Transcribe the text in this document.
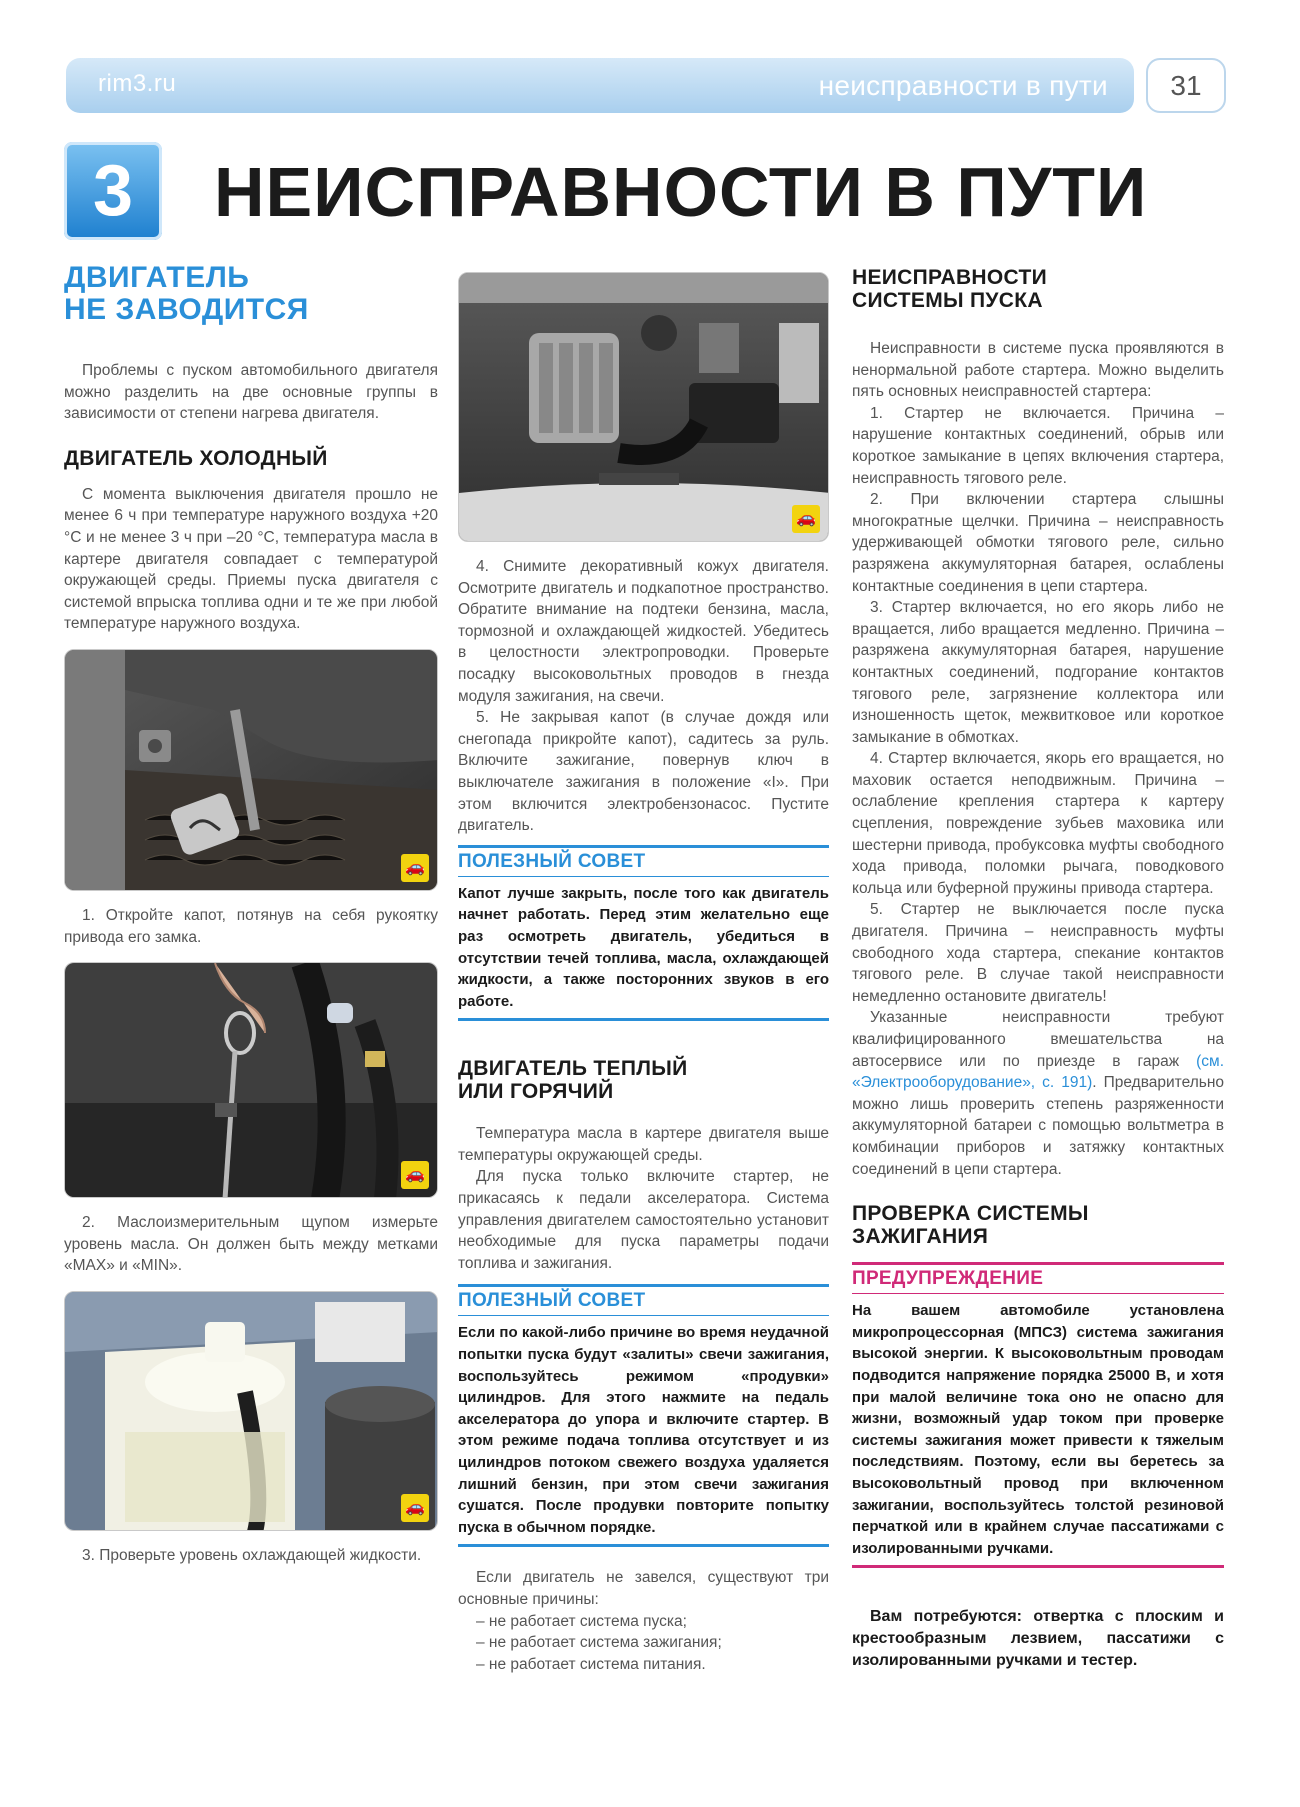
rim3.ru	неисправности в пути	31
3	НЕИСПРАВНОСТИ В ПУТИ
ДВИГАТЕЛЬ
НЕ ЗАВОДИТСЯ

Проблемы с пуском автомобильного двигателя можно разделить на две основные группы в зависимости от степени нагрева двигателя.

ДВИГАТЕЛЬ ХОЛОДНЫЙ

С момента выключения двигателя прошло не менее 6 ч при температуре наружного воздуха +20 °С и не менее 3 ч при –20 °С, температура масла в картере двигателя совпадает с температурой окружающей среды. Приемы пуска двигателя с системой впрыска топлива одни и те же при любой температуре наружного воздуха.

🚗

1. Откройте капот, потянув на себя рукоятку привода его замка.

🚗

2. Маслоизмерительным щупом измерьте уровень масла. Он должен быть между метками «MAX» и «MIN».

🚗

3. Проверьте уровень охлаждающей жидкости.

🚗

4. Снимите декоративный кожух двигателя. Осмотрите двигатель и подкапотное пространство. Обратите внимание на подтеки бензина, масла, тормозной и охлаждающей жидкостей. Убедитесь в целостности электропроводки. Проверьте посадку высоковольтных проводов в гнезда модуля зажигания, на свечи.

5. Не закрывая капот (в случае дождя или снегопада прикройте капот), садитесь за руль. Включите зажигание, повернув ключ в выключателе зажигания в положение «I». При этом включится электробензонасос. Пустите двигатель.

ПОЛЕЗНЫЙ СОВЕТ

Капот лучше закрыть, после того как двигатель начнет работать. Перед этим желательно еще раз осмотреть двигатель, убедиться в отсутствии течей топлива, масла, охлаждающей жидкости, а также посторонних звуков в его работе.

ДВИГАТЕЛЬ ТЕПЛЫЙ
ИЛИ ГОРЯЧИЙ

Температура масла в картере двигателя выше температуры окружающей среды.

Для пуска только включите стартер, не прикасаясь к педали акселератора. Система управления двигателем самостоятельно установит необходимые для пуска параметры подачи топлива и зажигания.

ПОЛЕЗНЫЙ СОВЕТ

Если по какой-либо причине во время неудачной попытки пуска будут «залиты» свечи зажигания, воспользуйтесь режимом «продувки» цилиндров. Для этого нажмите на педаль акселератора до упора и включите стартер. В этом режиме подача топлива отсутствует и из цилиндров потоком свежего воздуха удаляется лишний бензин, при этом свечи зажигания сушатся. После продувки повторите попытку пуска в обычном порядке.

Если двигатель не завелся, существуют три основные причины:

– не работает система пуска;
– не работает система зажигания;
– не работает система питания.
НЕИСПРАВНОСТИ
СИСТЕМЫ ПУСКА

Неисправности в системе пуска проявляются в ненормальной работе стартера. Можно выделить пять основных неисправностей стартера:

1. Стартер не включается. Причина – нарушение контактных соединений, обрыв или короткое замыкание в цепях включения стартера, неисправность тягового реле.

2. При включении стартера слышны многократные щелчки. Причина – неисправность удерживающей обмотки тягового реле, сильно разряжена аккумуляторная батарея, ослаблены контактные соединения в цепи стартера.

3. Стартер включается, но его якорь либо не вращается, либо вращается медленно. Причина – разряжена аккумуляторная батарея, нарушение контактных соединений, подгорание контактов тягового реле, загрязнение коллектора или изношенность щеток, межвитковое или короткое замыкание в обмотках.

4. Стартер включается, якорь его вращается, но маховик остается неподвижным. Причина – ослабление крепления стартера к картеру сцепления, повреждение зубьев маховика или шестерни привода, пробуксовка муфты свободного хода привода, поломки рычага, поводкового кольца или буферной пружины привода стартера.

5. Стартер не выключается после пуска двигателя. Причина – неисправность муфты свободного хода стартера, спекание контактов тягового реле. В случае такой неисправности немедленно остановите двигатель!

Указанные неисправности требуют квалифицированного вмешательства на автосервисе или по приезде в гараж (см. «Электрооборудование», с. 191). Предварительно можно лишь проверить степень разряженности аккумуляторной батареи с помощью вольтметра в комбинации приборов и затяжку контактных соединений в цепи стартера.

ПРОВЕРКА СИСТЕМЫ
ЗАЖИГАНИЯ
ПРЕДУПРЕЖДЕНИЕ

На вашем автомобиле установлена микропроцессорная (МПСЗ) система зажигания высокой энергии. К высоковольтным проводам подводится напряжение порядка 25000 В, и хотя при малой величине тока оно не опасно для жизни, возможный удар током при проверке системы зажигания может привести к тяжелым последствиям. Поэтому, если вы беретесь за высоковольтный провод при включенном зажигании, воспользуйтесь толстой резиновой перчаткой или в крайнем случае пассатижами с изолированными ручками.

Вам потребуются: отвертка с плоским и крестообразным лезвием, пассатижи с изолированными ручками и тестер.
